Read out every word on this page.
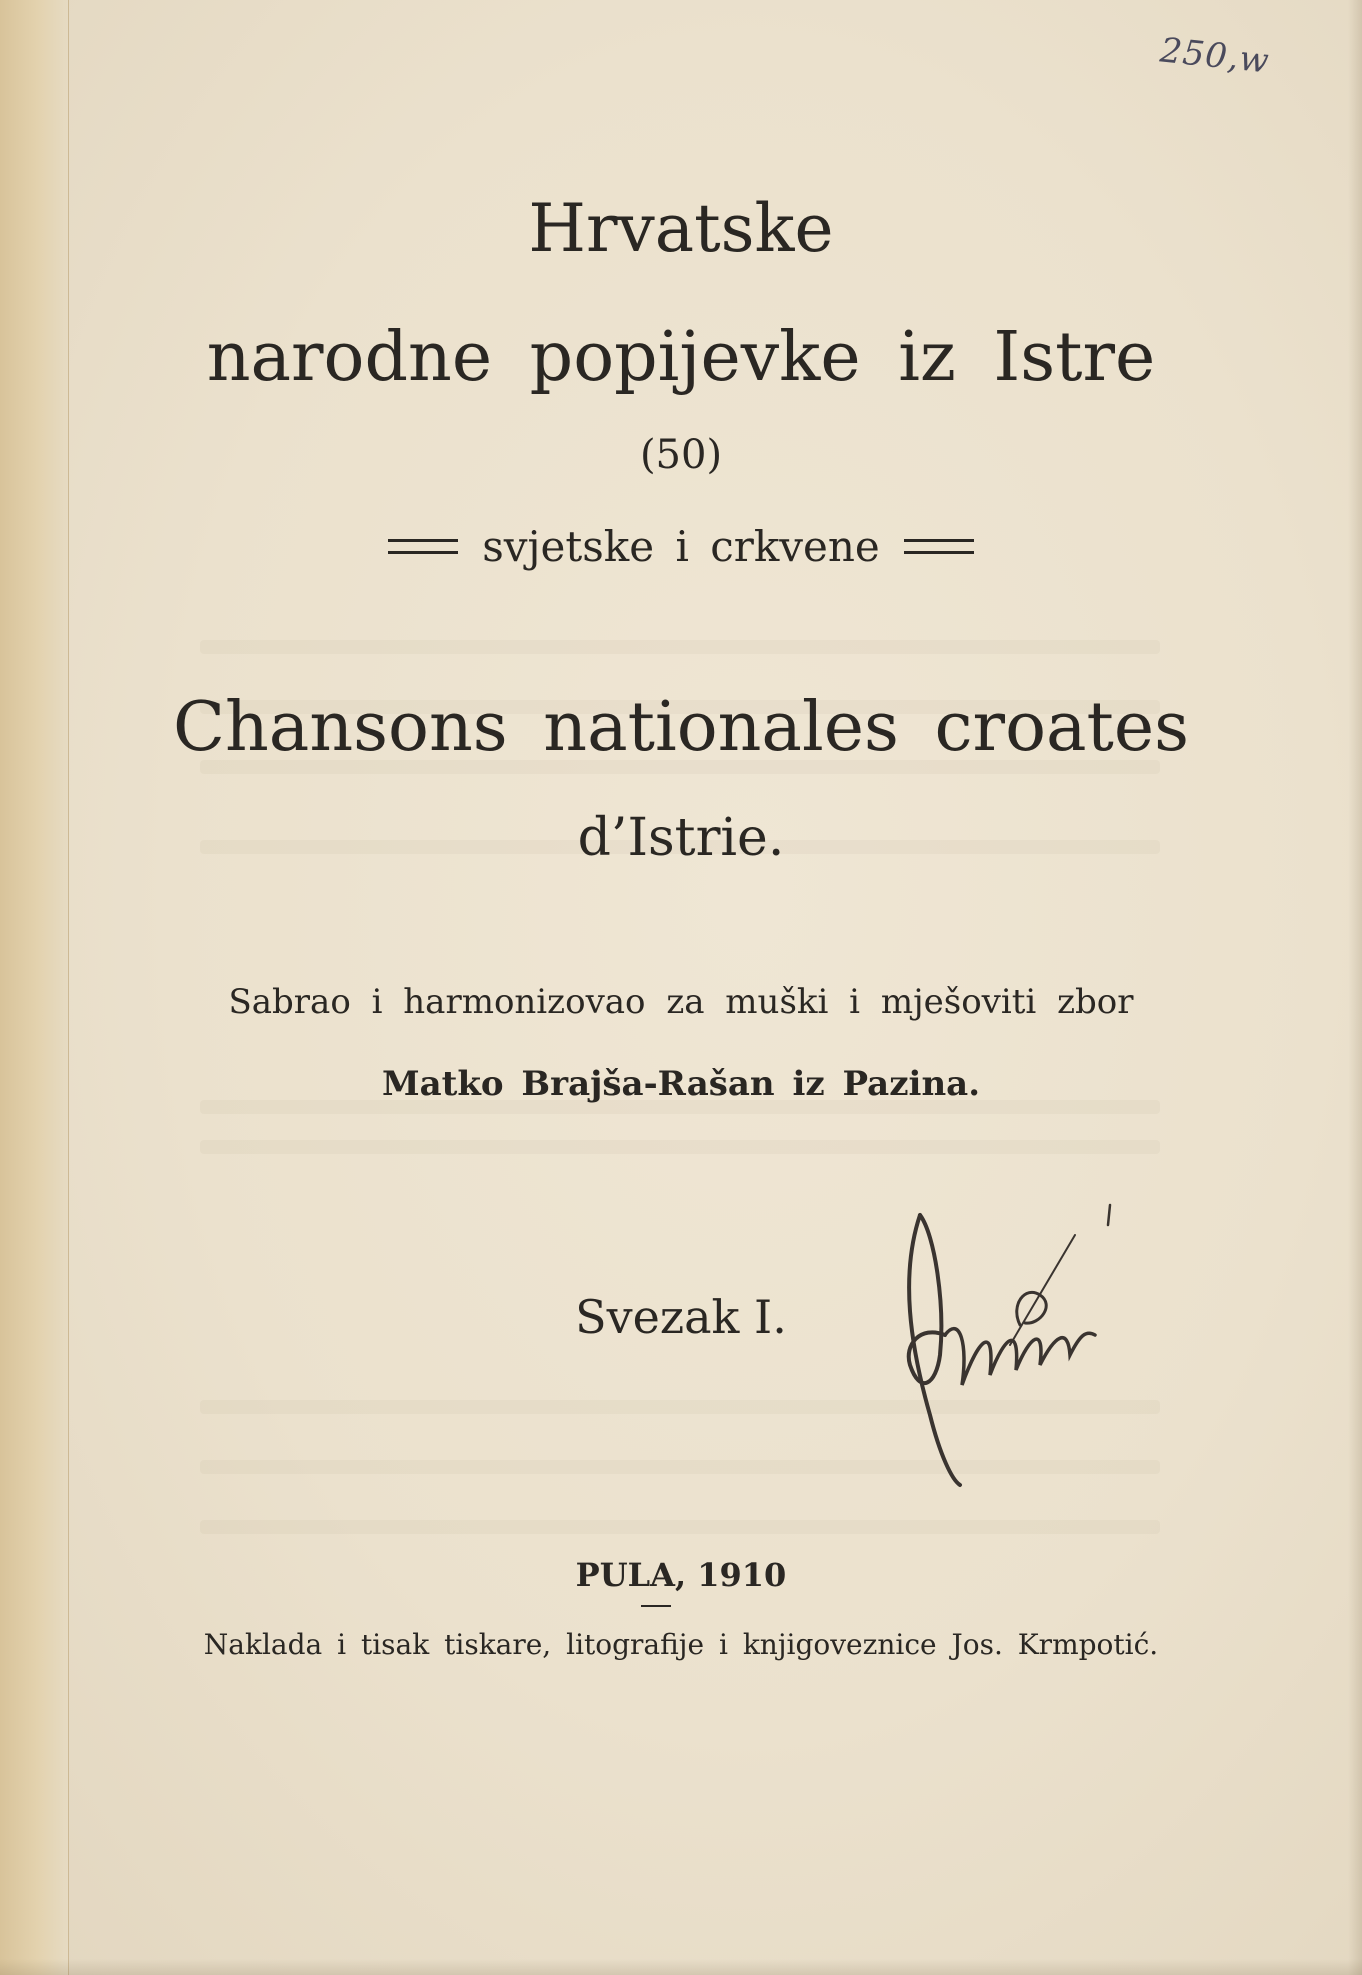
250,w
Hrvatske
narodne popijevke iz Istre
(50)
svjetske i crkvene
Chansons nationales croates
d’Istrie.
Sabrao i harmonizovao za muški i mješoviti zbor
Matko Brajša-Rašan iz Pazina.
Svezak I.
PULA, 1910
Naklada i tisak tiskare, litografije i knjigoveznice Jos. Krmpotić.
